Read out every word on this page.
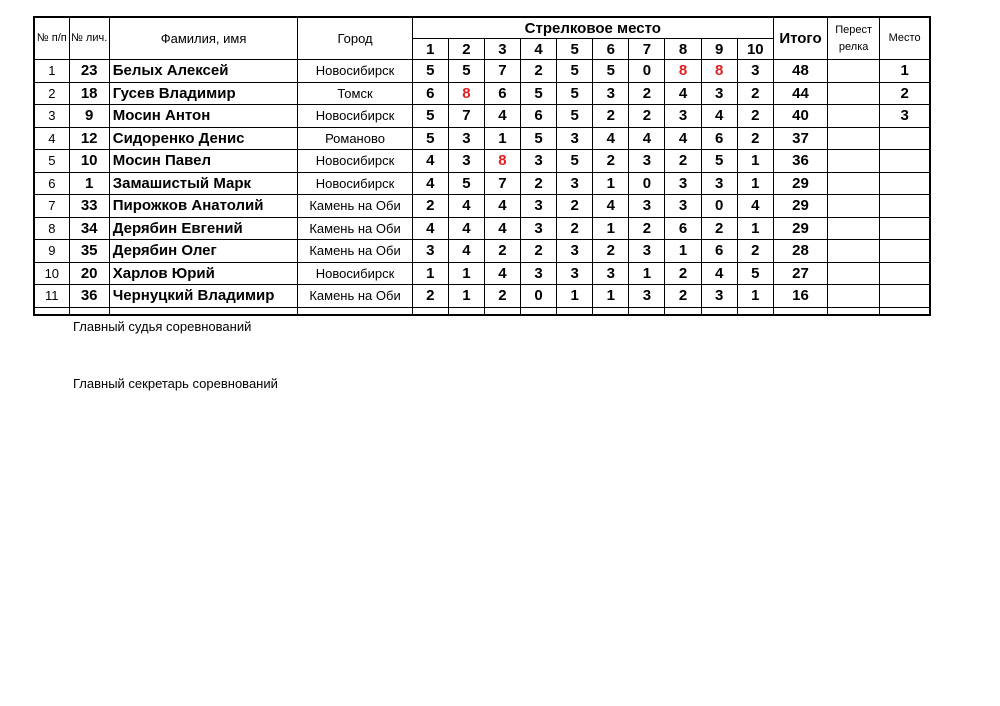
№ п/п	№ лич.	Фамилия, имя	Город	Стрелковое место										Итого	Перест релка	Место
				1	2	3	4	5	6	7	8	9	10			
1	23	Белых Алексей	Новосибирск	5	5	7	2	5	5	0	8	8	3	48		1
2	18	Гусев Владимир	Томск	6	8	6	5	5	3	2	4	3	2	44		2
3	9	Мосин Антон	Новосибирск	5	7	4	6	5	2	2	3	4	2	40		3
4	12	Сидоренко Денис	Романово	5	3	1	5	3	4	4	4	6	2	37		
5	10	Мосин Павел	Новосибирск	4	3	8	3	5	2	3	2	5	1	36		
6	1	Замашистый Марк	Новосибирск	4	5	7	2	3	1	0	3	3	1	29		
7	33	Пирожков Анатолий	Камень на Оби	2	4	4	3	2	4	3	3	0	4	29		
8	34	Дерябин Евгений	Камень на Оби	4	4	4	3	2	1	2	6	2	1	29		
9	35	Дерябин Олег	Камень на Оби	3	4	2	2	3	2	3	1	6	2	28		
10	20	Харлов Юрий	Новосибирск	1	1	4	3	3	3	1	2	4	5	27		
11	36	Чернуцкий Владимир	Камень на Оби	2	1	2	0	1	1	3	2	3	1	16		

Главный судья соревнований
Главный секретарь соревнований
